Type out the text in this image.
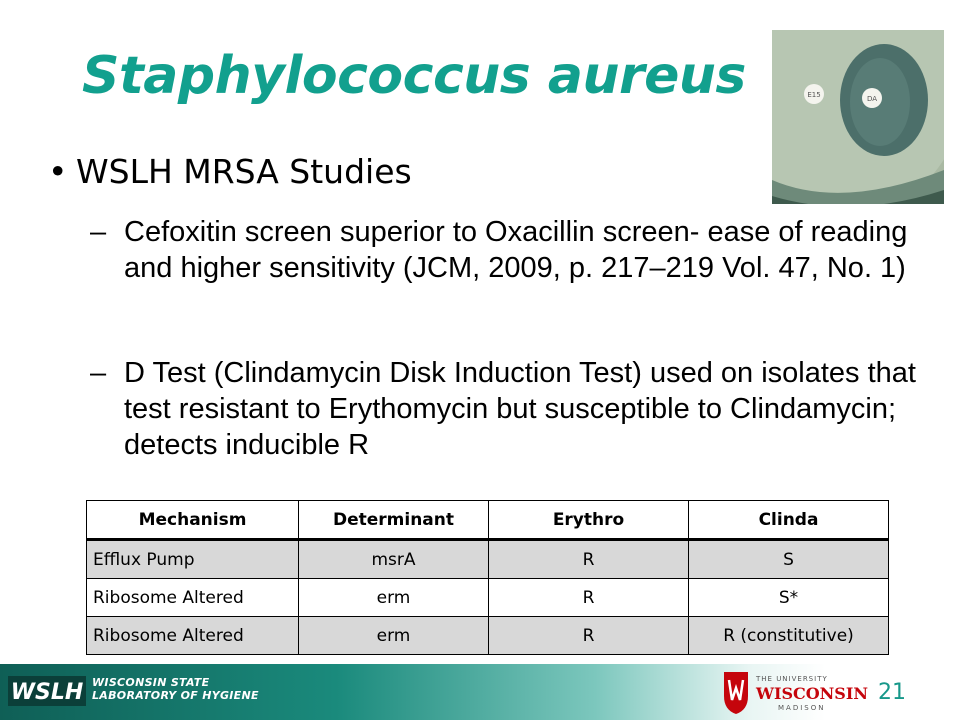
Staphylococcus aureus	E15	DA
• WSLH MRSA Studies
– Cefoxitin screen superior to Oxacillin screen- ease of reading and higher sensitivity (JCM, 2009, p. 217–219 Vol. 47, No. 1)
– D Test (Clindamycin Disk Induction Test) used on isolates that test resistant to Erythomycin but susceptible to Clindamycin; detects inducible R
Mechanism	Determinant	Erythro	Clinda
Efflux Pump	msrA	R	S
Ribosome Altered	erm	R	S*
Ribosome Altered	erm	R	R (constitutive)
WSLH WISCONSIN STATE
LABORATORY OF HYGIENE
THE UNIVERSITY
WISCONSIN
MADISON
21
